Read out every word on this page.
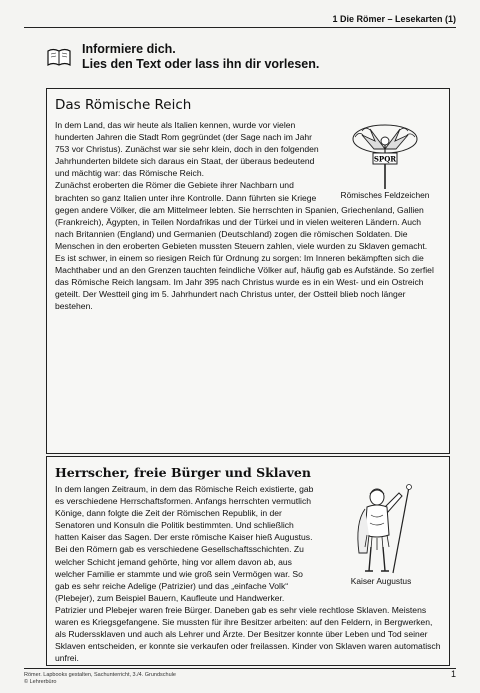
1 Die Römer – Lesekarten (1)
Informiere dich.
Lies den Text oder lass ihn dir vorlesen.
Das Römische Reich
SPQR
Römisches Feldzeichen

In dem Land, das wir heute als Italien kennen, wurde vor vielen hunderten Jahren die Stadt Rom gegründet (der Sage nach im Jahr 753 vor Christus). Zunächst war sie sehr klein, doch in den folgenden Jahrhunderten bildete sich daraus ein Staat, der überaus bedeutend und mächtig war: das Römische Reich.

Zunächst eroberten die Römer die Gebiete ihrer Nachbarn und brachten so ganz Italien unter ihre Kontrolle. Dann führten sie Kriege gegen andere Völker, die am Mittelmeer lebten. Sie herrschten in Spanien, Griechenland, Gallien (Frankreich), Ägypten, in Teilen Nordafrikas und der Türkei und in vielen weiteren Ländern. Auch nach Britannien (England) und Germanien (Deutschland) zogen die römischen Soldaten. Die Menschen in den eroberten Gebieten mussten Steuern zahlen, viele wurden zu Sklaven gemacht.

Es ist schwer, in einem so riesigen Reich für Ordnung zu sorgen: Im Inneren bekämpften sich die Machthaber und an den Grenzen tauchten feindliche Völker auf, häufig gab es Aufstände. So zerfiel das Römische Reich langsam. Im Jahr 395 nach Christus wurde es in ein West- und ein Ostreich geteilt. Der Westteil ging im 5. Jahrhundert nach Christus unter, der Ostteil blieb noch länger bestehen.

Herrscher, freie Bürger und Sklaven
Kaiser Augustus

In dem langen Zeitraum, in dem das Römische Reich existierte, gab es verschiedene Herrschaftsformen. Anfangs herrschten vermutlich Könige, dann folgte die Zeit der Römischen Republik, in der Senatoren und Konsuln die Politik bestimmten. Und schließlich hatten Kaiser das Sagen. Der erste römische Kaiser hieß Augustus.

Bei den Römern gab es verschiedene Gesellschaftsschichten. Zu welcher Schicht jemand gehörte, hing vor allem davon ab, aus welcher Familie er stammte und wie groß sein Vermögen war. So gab es sehr reiche Adelige (Patrizier) und das „einfache Volk“ (Plebejer), zum Beispiel Bauern, Kaufleute und Handwerker.

Patrizier und Plebejer waren freie Bürger. Daneben gab es sehr viele rechtlose Sklaven. Meistens waren es Kriegsgefangene. Sie mussten für ihre Besitzer arbeiten: auf den Feldern, in Bergwerken, als Ruderssklaven und auch als Lehrer und Ärzte. Der Besitzer konnte über Leben und Tod seiner Sklaven entscheiden, er konnte sie verkaufen oder freilassen. Kinder von Sklaven waren automatisch unfrei.

Römer. Lapbooks gestalten, Sachunterricht, 3./4. Grundschule
© Lehrerbüro
1
